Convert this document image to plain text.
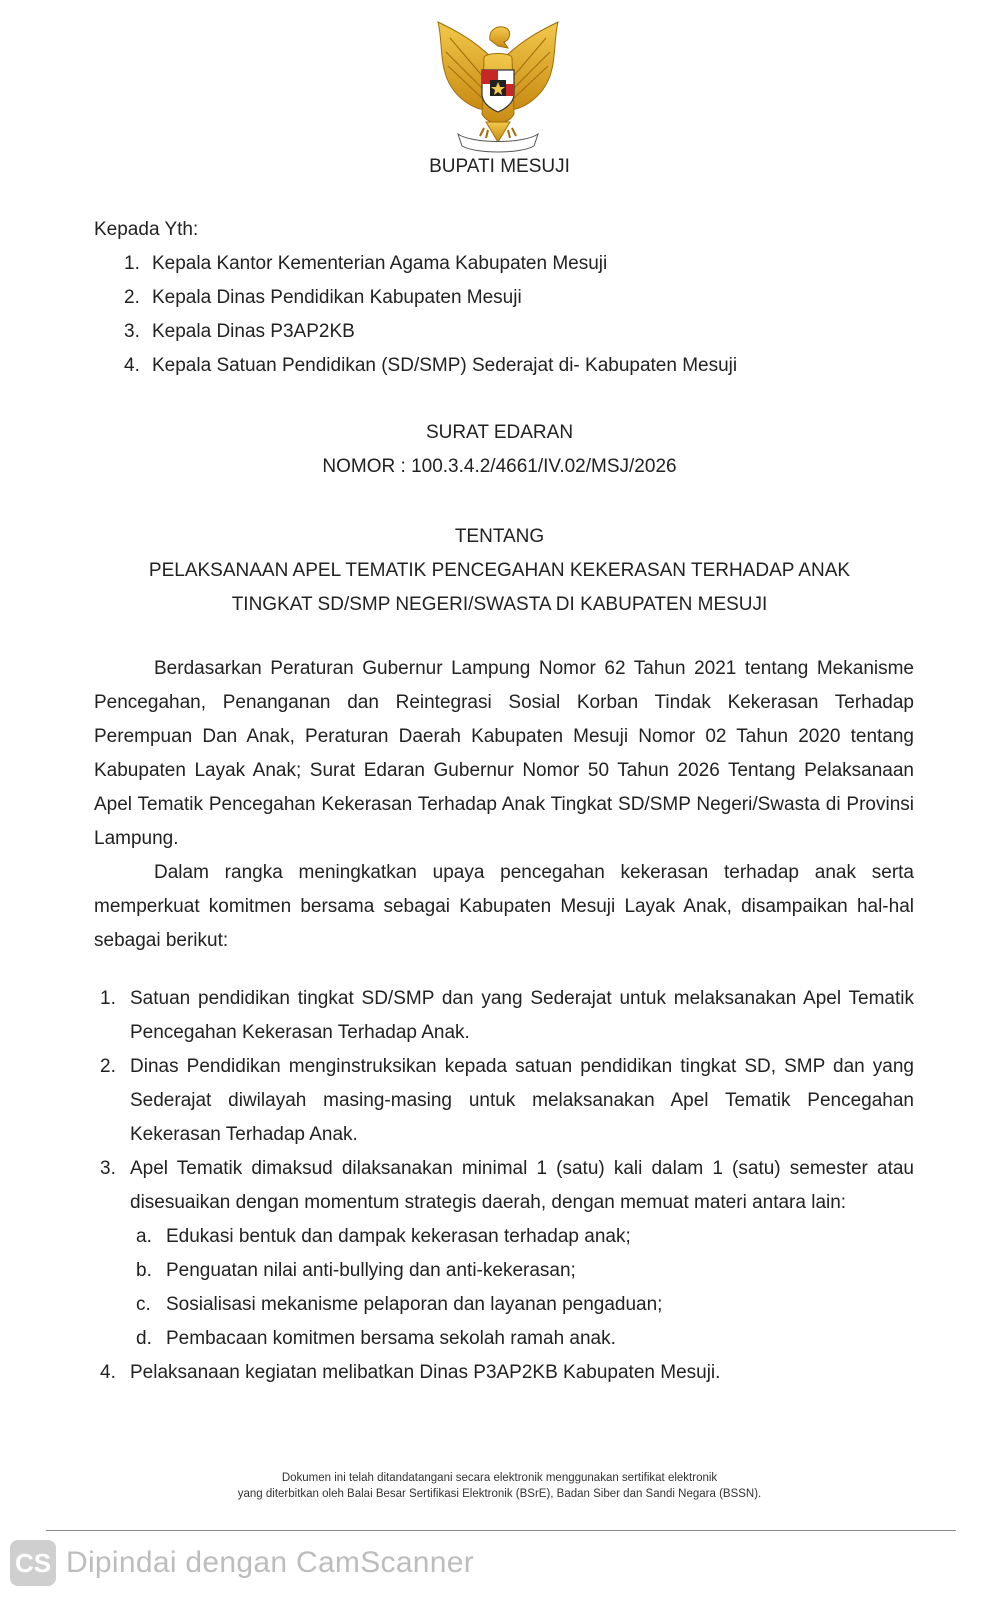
BUPATI MESUJI
Kepada Yth:
1. Kepala Kantor Kementerian Agama Kabupaten Mesuji
2. Kepala Dinas Pendidikan Kabupaten Mesuji
3. Kepala Dinas P3AP2KB
4. Kepala Satuan Pendidikan (SD/SMP) Sederajat di- Kabupaten Mesuji
SURAT EDARAN
NOMOR : 100.3.4.2/4661/IV.02/MSJ/2026
TENTANG
PELAKSANAAN APEL TEMATIK PENCEGAHAN KEKERASAN TERHADAP ANAK
TINGKAT SD/SMP NEGERI/SWASTA DI KABUPATEN MESUJI

Berdasarkan Peraturan Gubernur Lampung Nomor 62 Tahun 2021 tentang Mekanisme Pencegahan, Penanganan dan Reintegrasi Sosial Korban Tindak Kekerasan Terhadap Perempuan Dan Anak, Peraturan Daerah Kabupaten Mesuji Nomor 02 Tahun 2020 tentang Kabupaten Layak Anak; Surat Edaran Gubernur Nomor 50 Tahun 2026 Tentang Pelaksanaan Apel Tematik Pencegahan Kekerasan Terhadap Anak Tingkat SD/SMP Negeri/Swasta di Provinsi Lampung.

Dalam rangka meningkatkan upaya pencegahan kekerasan terhadap anak serta memperkuat komitmen bersama sebagai Kabupaten Mesuji Layak Anak, disampaikan hal-hal sebagai berikut:

1. Satuan pendidikan tingkat SD/SMP dan yang Sederajat untuk melaksanakan Apel Tematik Pencegahan Kekerasan Terhadap Anak.
2. Dinas Pendidikan menginstruksikan kepada satuan pendidikan tingkat SD, SMP dan yang Sederajat diwilayah masing-masing untuk melaksanakan Apel Tematik Pencegahan Kekerasan Terhadap Anak.
3. Apel Tematik dimaksud dilaksanakan minimal 1 (satu) kali dalam 1 (satu) semester atau disesuaikan dengan momentum strategis daerah, dengan memuat materi antara lain:
a. Edukasi bentuk dan dampak kekerasan terhadap anak;
b. Penguatan nilai anti-bullying dan anti-kekerasan;
c. Sosialisasi mekanisme pelaporan dan layanan pengaduan;
d. Pembacaan komitmen bersama sekolah ramah anak.
4. Pelaksanaan kegiatan melibatkan Dinas P3AP2KB Kabupaten Mesuji.
Dokumen ini telah ditandatangani secara elektronik menggunakan sertifikat elektronik
yang diterbitkan oleh Balai Besar Sertifikasi Elektronik (BSrE), Badan Siber dan Sandi Negara (BSSN).
CS Dipindai dengan CamScanner
